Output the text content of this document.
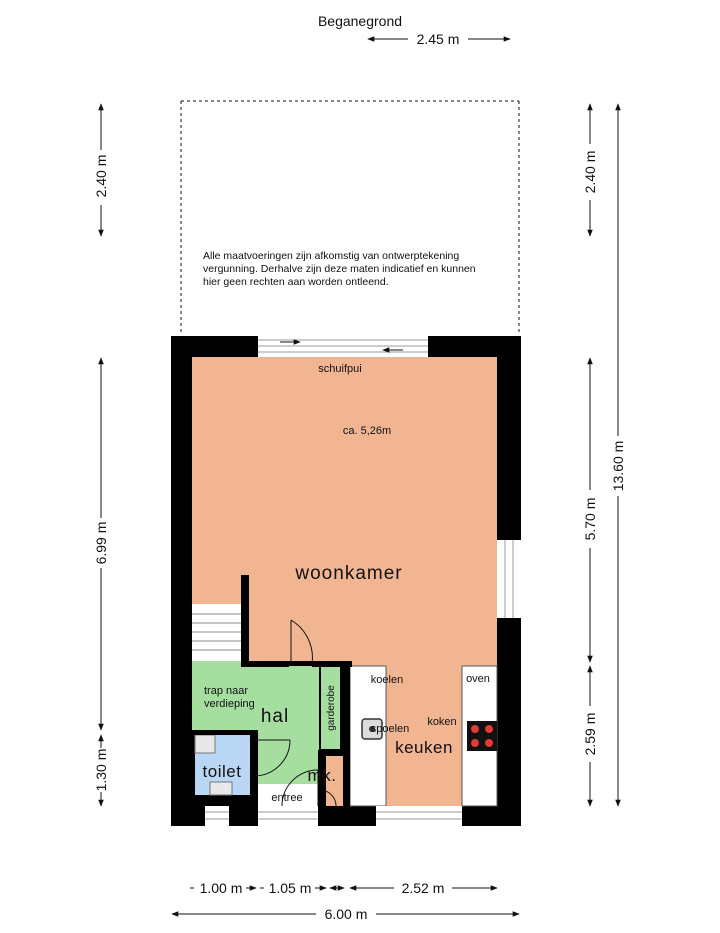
Beganegrond
2.45 m
Alle maatvoeringen zijn afkomstig van ontwerptekening
vergunning. Derhalve zijn deze maten indicatief en kunnen
hier geen rechten aan worden ontleend.
2.40 m
6.99 m
1.30 m
2.40 m
5.70 m
2.59 m
13.60 m
1.00 m 1.05 m	2.52 m
6.00 m
schuifpui
ca. 5,26m
woonkamer
trap naar
verdieping
hal	garderobe
toilet	mk.
entree
koelen
spoelen
koken
keuken
oven
